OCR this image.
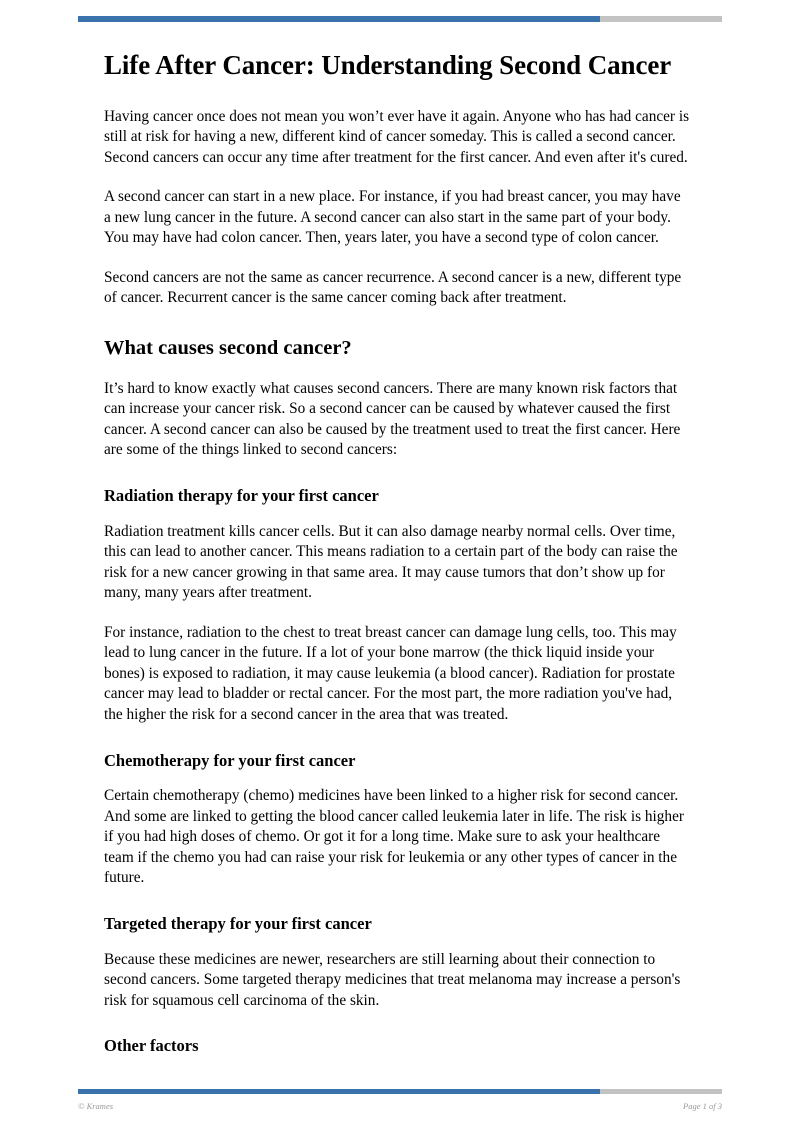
Life After Cancer: Understanding Second Cancer

Having cancer once does not mean you won’t ever have it again. Anyone who has had cancer is still at risk for having a new, different kind of cancer someday. This is called a second cancer. Second cancers can occur any time after treatment for the first cancer. And even after it's cured.

A second cancer can start in a new place. For instance, if you had breast cancer, you may have a new lung cancer in the future. A second cancer can also start in the same part of your body. You may have had colon cancer. Then, years later, you have a second type of colon cancer.

Second cancers are not the same as cancer recurrence. A second cancer is a new, different type of cancer. Recurrent cancer is the same cancer coming back after treatment.

What causes second cancer?

It’s hard to know exactly what causes second cancers. There are many known risk factors that can increase your cancer risk. So a second cancer can be caused by whatever caused the first cancer. A second cancer can also be caused by the treatment used to treat the first cancer. Here are some of the things linked to second cancers:

Radiation therapy for your first cancer

Radiation treatment kills cancer cells. But it can also damage nearby normal cells. Over time, this can lead to another cancer. This means radiation to a certain part of the body can raise the risk for a new cancer growing in that same area. It may cause tumors that don’t show up for many, many years after treatment.

For instance, radiation to the chest to treat breast cancer can damage lung cells, too. This may lead to lung cancer in the future. If a lot of your bone marrow (the thick liquid inside your bones) is exposed to radiation, it may cause leukemia (a blood cancer). Radiation for prostate cancer may lead to bladder or rectal cancer. For the most part, the more radiation you've had, the higher the risk for a second cancer in the area that was treated.

Chemotherapy for your first cancer

Certain chemotherapy (chemo) medicines have been linked to a higher risk for second cancer. And some are linked to getting the blood cancer called leukemia later in life. The risk is higher if you had high doses of chemo. Or got it for a long time. Make sure to ask your healthcare team if the chemo you had can raise your risk for leukemia or any other types of cancer in the future.

Targeted therapy for your first cancer

Because these medicines are newer, researchers are still learning about their connection to second cancers. Some targeted therapy medicines that treat melanoma may increase a person's risk for squamous cell carcinoma of the skin.

Other factors
© Krames	Page 1 of 3
